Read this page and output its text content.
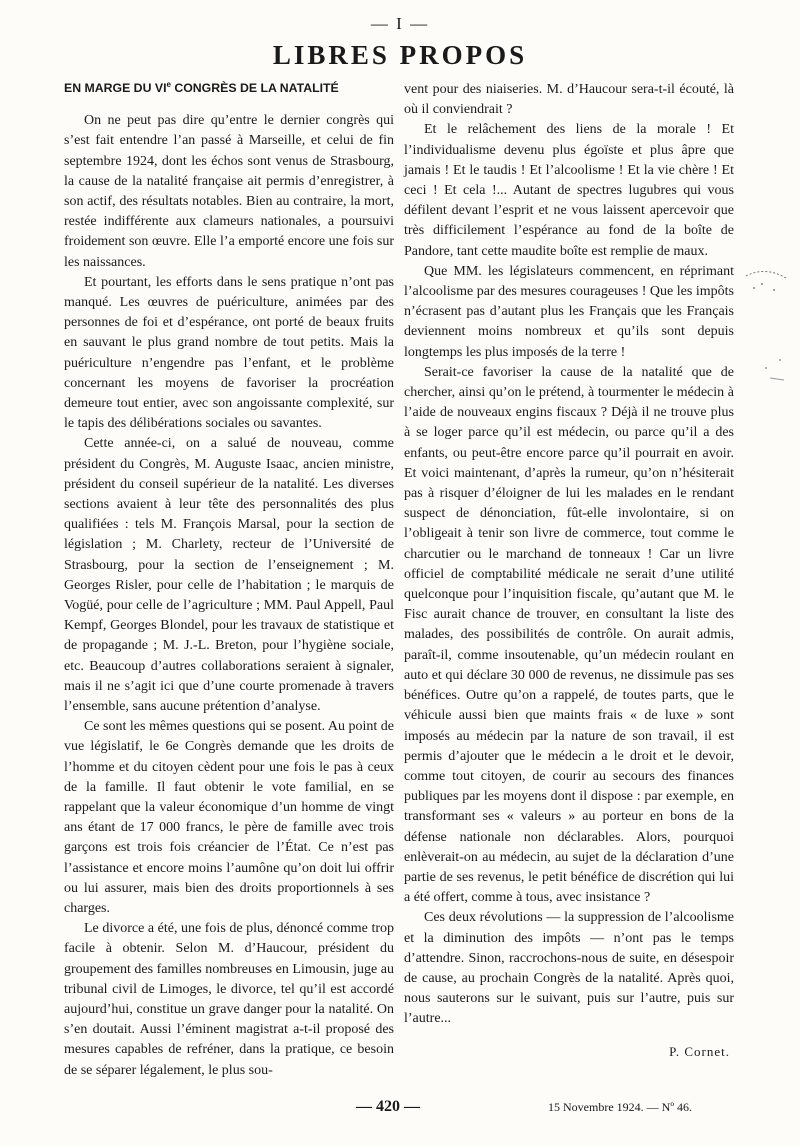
— I —
LIBRES PROPOS
EN MARGE DU VIe CONGRÈS DE LA NATALITÉ

On ne peut pas dire qu’entre le dernier congrès qui s’est fait entendre l’an passé à Marseille, et celui de fin septembre 1924, dont les échos sont venus de Strasbourg, la cause de la natalité française ait permis d’enregistrer, à son actif, des résultats notables. Bien au contraire, la mort, restée indifférente aux clameurs nationales, a poursuivi froidement son œuvre. Elle l’a emporté encore une fois sur les naissances.

Et pourtant, les efforts dans le sens pratique n’ont pas manqué. Les œuvres de puériculture, animées par des personnes de foi et d’espérance, ont porté de beaux fruits en sauvant le plus grand nombre de tout petits. Mais la puériculture n’engendre pas l’enfant, et le problème concernant les moyens de favoriser la procréation demeure tout entier, avec son angoissante complexité, sur le tapis des délibérations sociales ou savantes.

Cette année-ci, on a salué de nouveau, comme président du Congrès, M. Auguste Isaac, ancien ministre, président du conseil supérieur de la natalité. Les diverses sections avaient à leur tête des personnalités des plus qualifiées : tels M. François Marsal, pour la section de législation ; M. Charlety, recteur de l’Université de Strasbourg, pour la section de l’enseignement ; M. Georges Risler, pour celle de l’habitation ; le marquis de Vogüé, pour celle de l’agriculture ; MM. Paul Appell, Paul Kempf, Georges Blondel, pour les travaux de statistique et de propagande ; M. J.-L. Breton, pour l’hygiène sociale, etc. Beaucoup d’autres collaborations seraient à signaler, mais il ne s’agit ici que d’une courte promenade à travers l’ensemble, sans aucune prétention d’analyse.

Ce sont les mêmes questions qui se posent. Au point de vue législatif, le 6e Congrès demande que les droits de l’homme et du citoyen cèdent pour une fois le pas à ceux de la famille. Il faut obtenir le vote familial, en se rappelant que la valeur économique d’un homme de vingt ans étant de 17 000 francs, le père de famille avec trois garçons est trois fois créancier de l’État. Ce n’est pas l’assistance et encore moins l’aumône qu’on doit lui offrir ou lui assurer, mais bien des droits proportionnels à ses charges.

Le divorce a été, une fois de plus, dénoncé comme trop facile à obtenir. Selon M. d’Haucour, président du groupement des familles nombreuses en Limousin, juge au tribunal civil de Limoges, le divorce, tel qu’il est accordé aujourd’hui, constitue un grave danger pour la natalité. On s’en doutait. Aussi l’éminent magistrat a-t-il proposé des mesures capables de refréner, dans la pratique, ce besoin de se séparer légalement, le plus sou-

vent pour des niaiseries. M. d’Haucour sera-t-il écouté, là où il conviendrait ?

Et le relâchement des liens de la morale ! Et l’individualisme devenu plus égoïste et plus âpre que jamais ! Et le taudis ! Et l’alcoolisme ! Et la vie chère ! Et ceci ! Et cela !... Autant de spectres lugubres qui vous défilent devant l’esprit et ne vous laissent apercevoir que très difficilement l’espérance au fond de la boîte de Pandore, tant cette maudite boîte est remplie de maux.

Que MM. les législateurs commencent, en réprimant l’alcoolisme par des mesures courageuses ! Que les impôts n’écrasent pas d’autant plus les Français que les Français deviennent moins nombreux et qu’ils sont depuis longtemps les plus imposés de la terre !

Serait-ce favoriser la cause de la natalité que de chercher, ainsi qu’on le prétend, à tourmenter le médecin à l’aide de nouveaux engins fiscaux ? Déjà il ne trouve plus à se loger parce qu’il est médecin, ou parce qu’il a des enfants, ou peut-être encore parce qu’il pourrait en avoir. Et voici maintenant, d’après la rumeur, qu’on n’hésiterait pas à risquer d’éloigner de lui les malades en le rendant suspect de dénonciation, fût-elle involontaire, si on l’obligeait à tenir son livre de commerce, tout comme le charcutier ou le marchand de tonneaux ! Car un livre officiel de comptabilité médicale ne serait d’une utilité quelconque pour l’inquisition fiscale, qu’autant que M. le Fisc aurait chance de trouver, en consultant la liste des malades, des possibilités de contrôle. On aurait admis, paraît-il, comme insoutenable, qu’un médecin roulant en auto et qui déclare 30 000 de revenus, ne dissimule pas ses bénéfices. Outre qu’on a rappelé, de toutes parts, que le véhicule aussi bien que maints frais « de luxe » sont imposés au médecin par la nature de son travail, il est permis d’ajouter que le médecin a le droit et le devoir, comme tout citoyen, de courir au secours des finances publiques par les moyens dont il dispose : par exemple, en transformant ses « valeurs » au porteur en bons de la défense nationale non déclarables. Alors, pourquoi enlèverait-on au médecin, au sujet de la déclaration d’une partie de ses revenus, le petit bénéfice de discrétion qui lui a été offert, comme à tous, avec insistance ?

Ces deux révolutions — la suppression de l’alcoolisme et la diminution des impôts — n’ont pas le temps d’attendre. Sinon, raccrochons-nous de suite, en désespoir de cause, au prochain Congrès de la natalité. Après quoi, nous sauterons sur le suivant, puis sur l’autre, puis sur l’autre...

P. Cornet.
— 420 —	15 Novembre 1924. — Nº 46.
